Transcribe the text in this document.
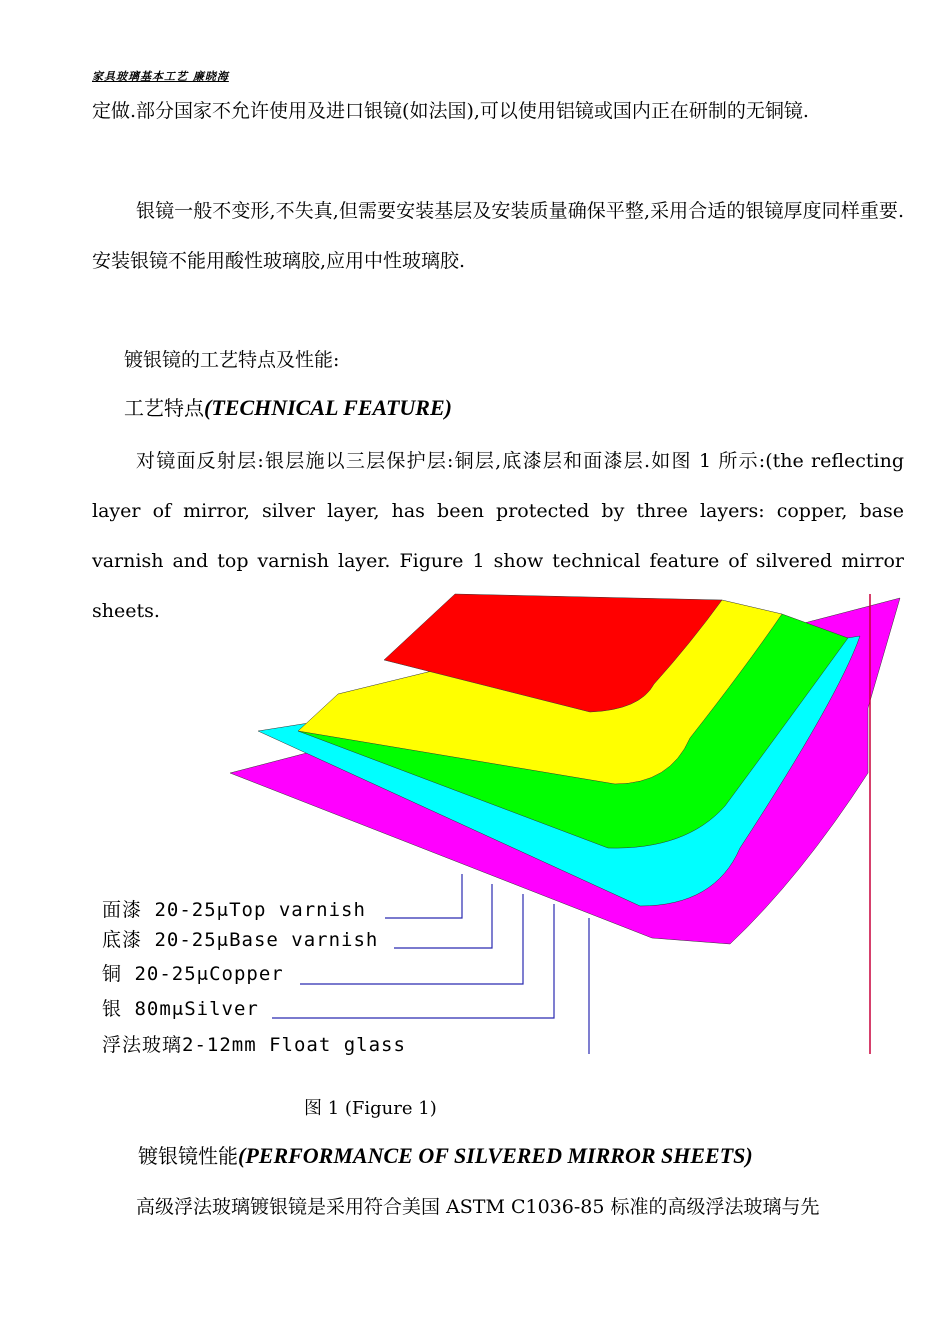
家具玻璃基本工艺 廉晓海

定做.部分国家不允许使用及进口银镜(如法国),可以使用铝镜或国内正在研制的无铜镜.

银镜一般不变形,不失真,但需要安装基层及安装质量确保平整,采用合适的银镜厚度同样重要. 安装银镜不能用酸性玻璃胶,应用中性玻璃胶.

镀银镜的工艺特点及性能:
工艺特点(TECHNICAL FEATURE)

对镜面反射层:银层施以三层保护层:铜层,底漆层和面漆层.如图 1 所示:(the reflecting layer of mirror, silver layer, has been protected by three layers: copper, base varnish and top varnish layer. Figure 1 show technical feature of silvered mirror sheets.

面漆 20-25μTop varnish
底漆 20-25μBase varnish
铜 20-25μCopper
银 80mμSilver
浮法玻璃2-12mm Float glass
图 1 (Figure 1)
镀银镜性能(PERFORMANCE OF SILVERED MIRROR SHEETS)

高级浮法玻璃镀银镜是采用符合美国 ASTM C1036-85 标准的高级浮法玻璃与先
